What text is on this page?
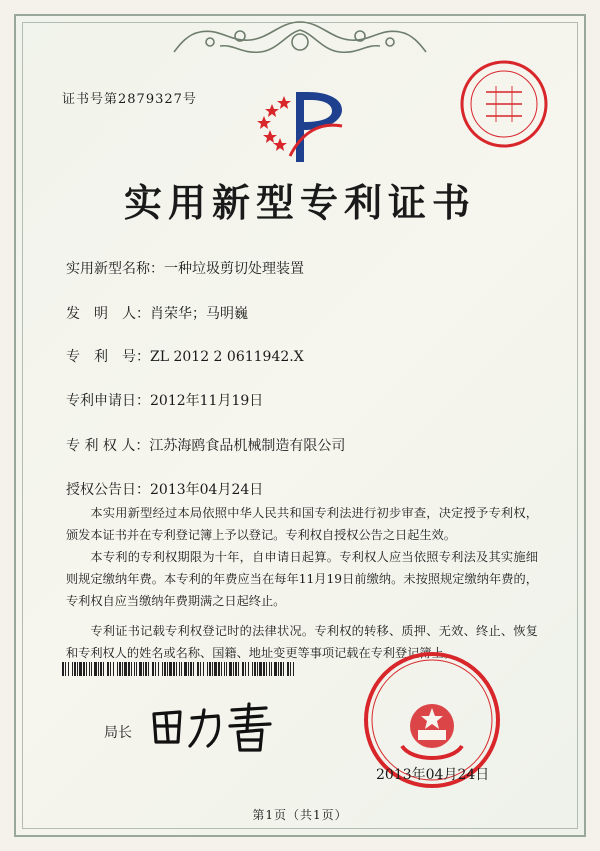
证书号第2879327号
实用新型专利证书
实用新型名称：一种垃圾剪切处理装置
发　明　人：肖荣华；马明巍
专　利　号：ZL 2012 2 0611942.X
专利申请日：2012年11月19日
专 利 权 人：江苏海鸥食品机械制造有限公司
授权公告日：2013年04月24日

本实用新型经过本局依照中华人民共和国专利法进行初步审查，决定授予专利权，颁发本证书并在专利登记簿上予以登记。专利权自授权公告之日起生效。

本专利的专利权期限为十年，自申请日起算。专利权人应当依照专利法及其实施细则规定缴纳年费。本专利的年费应当在每年11月19日前缴纳。未按照规定缴纳年费的，专利权自应当缴纳年费期满之日起终止。

专利证书记载专利权登记时的法律状况。专利权的转移、质押、无效、终止、恢复和专利权人的姓名或名称、国籍、地址变更等事项记载在专利登记簿上。

局长
2013年04月24日
第1页（共1页）
